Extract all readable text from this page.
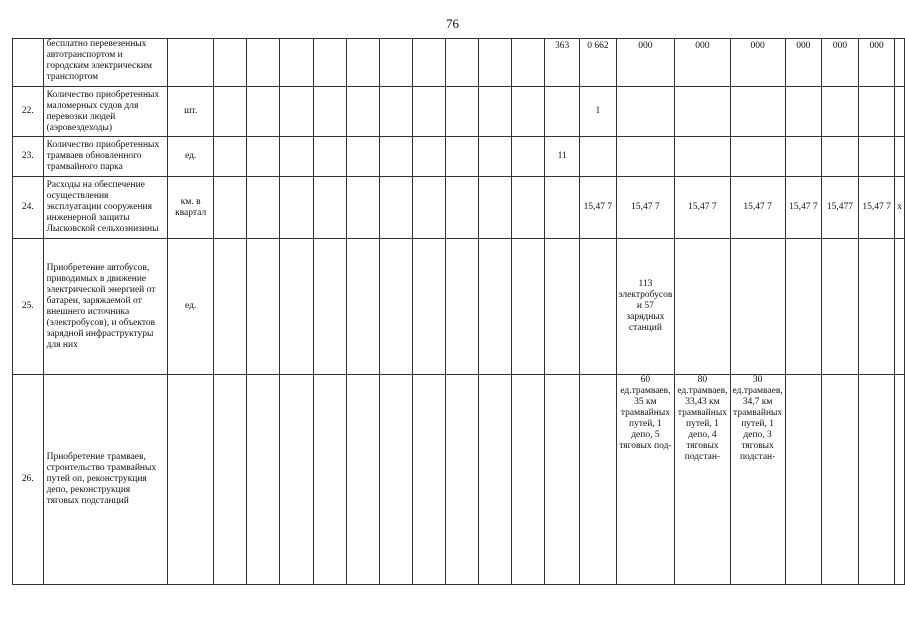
76
	бесплатно перевезенных автотранспортом и городским электрическим транспортом												363	0 662	000	000	000	000	000	000	
22.	Количество приобретенных маломерных судов для перевозки людей (аэровездеходы)	шт.												1							
23.	Количество приобретенных трамваев обновленного трамвайного парка	ед.											11								
24.	Расходы на обеспечение осуществления эксплуатации сооружения инженерной защиты Лысковской сельхознизины	км. в квартал												15,47 7	15,47 7	15,47 7	15,47 7	15,47 7	15,477	15,47 7	х
25.	Приобретение автобусов, приводимых в движение электрической энергией от батареи, заряжаемой от внешнего источника (электробусов), и объектов зарядной инфраструктуры для них	ед.													113 электробусов и 57 зарядных станций						
26.	Приобретение трамваев, строительство трамвайных путей оп, реконструкция депо, реконструкция тяговых подстанций														60 ед.трамваев, 35 км трамвайных путей, 1 депо, 5 тяговых под-	80 ед.трамваев, 33,43 км трамвайных путей, 1 депо, 4 тяговых подстан-	30 ед.трамваев, 34,7 км трамвайных путей, 1 депо, 3 тяговых подстан-				
